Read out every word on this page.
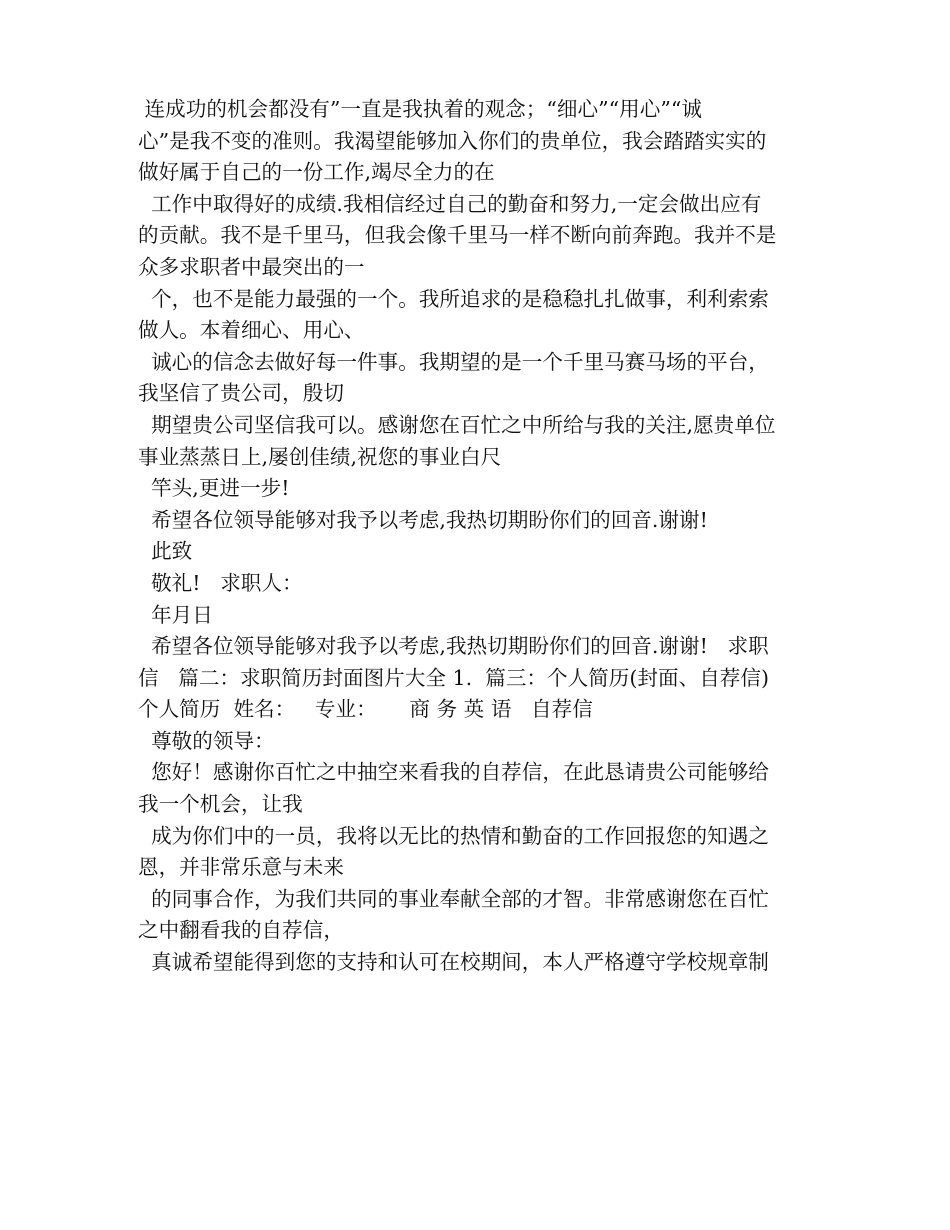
连成功的机会都没有”一直是我执着的观念；“细心”“用心”“诚
心”是我不变的准则。我渴望能够加入你们的贵单位，我会踏踏实实的
做好属于自己的一份工作,竭尽全力的在
工作中取得好的成绩.我相信经过自己的勤奋和努力,一定会做出应有
的贡献。我不是千里马，但我会像千里马一样不断向前奔跑。我并不是
众多求职者中最突出的一
个，也不是能力最强的一个。我所追求的是稳稳扎扎做事，利利索索
做人。本着细心、用心、
诚心的信念去做好每一件事。我期望的是一个千里马赛马场的平台，
我坚信了贵公司，殷切
期望贵公司坚信我可以。感谢您在百忙之中所给与我的关注,愿贵单位
事业蒸蒸日上,屡创佳绩,祝您的事业白尺
竿头,更进一步!
希望各位领导能够对我予以考虑,我热切期盼你们的回音.谢谢!
此致
敬礼!   求职人：
年月日
希望各位领导能够对我予以考虑,我热切期盼你们的回音.谢谢!   求职
信   篇二：求职简历封面图片大全 1.  篇三：个人简历(封面、自荐信)
个人简历  姓名：   专业：     商 务 英 语   自荐信
尊敬的领导：
您好！感谢你百忙之中抽空来看我的自荐信，在此恳请贵公司能够给
我一个机会，让我
成为你们中的一员，我将以无比的热情和勤奋的工作回报您的知遇之
恩，并非常乐意与未来
的同事合作，为我们共同的事业奉献全部的才智。非常感谢您在百忙
之中翻看我的自荐信，
真诚希望能得到您的支持和认可在校期间，本人严格遵守学校规章制
